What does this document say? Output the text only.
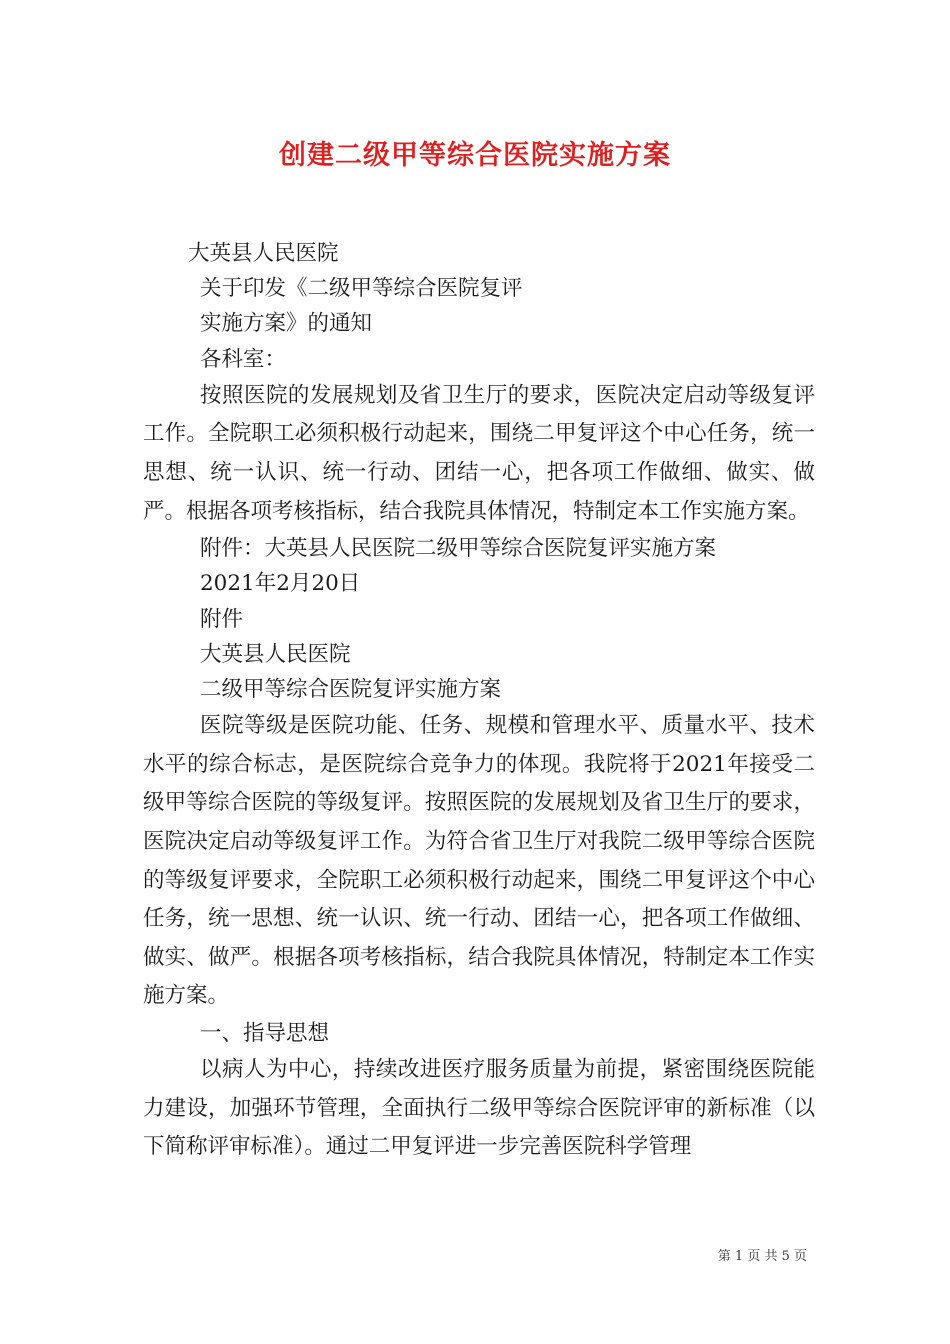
创建二级甲等综合医院实施方案

大英县人民医院

关于印发《二级甲等综合医院复评

实施方案》的通知

各科室：

按照医院的发展规划及省卫生厅的要求，医院决定启动等级复评工作。全院职工必须积极行动起来，围绕二甲复评这个中心任务，统一思想、统一认识、统一行动、团结一心，把各项工作做细、做实、做严。根据各项考核指标，结合我院具体情况，特制定本工作实施方案。

附件：大英县人民医院二级甲等综合医院复评实施方案

2021年2月20日

附件

大英县人民医院

二级甲等综合医院复评实施方案

医院等级是医院功能、任务、规模和管理水平、质量水平、技术水平的综合标志，是医院综合竞争力的体现。我院将于2021年接受二级甲等综合医院的等级复评。按照医院的发展规划及省卫生厅的要求，医院决定启动等级复评工作。为符合省卫生厅对我院二级甲等综合医院的等级复评要求，全院职工必须积极行动起来，围绕二甲复评这个中心任务，统一思想、统一认识、统一行动、团结一心，把各项工作做细、做实、做严。根据各项考核指标，结合我院具体情况，特制定本工作实施方案。

一、指导思想

以病人为中心，持续改进医疗服务质量为前提，紧密围绕医院能力建设，加强环节管理，全面执行二级甲等综合医院评审的新标准（以下简称评审标准）。通过二甲复评进一步完善医院科学管理

第 1 页 共 5 页
